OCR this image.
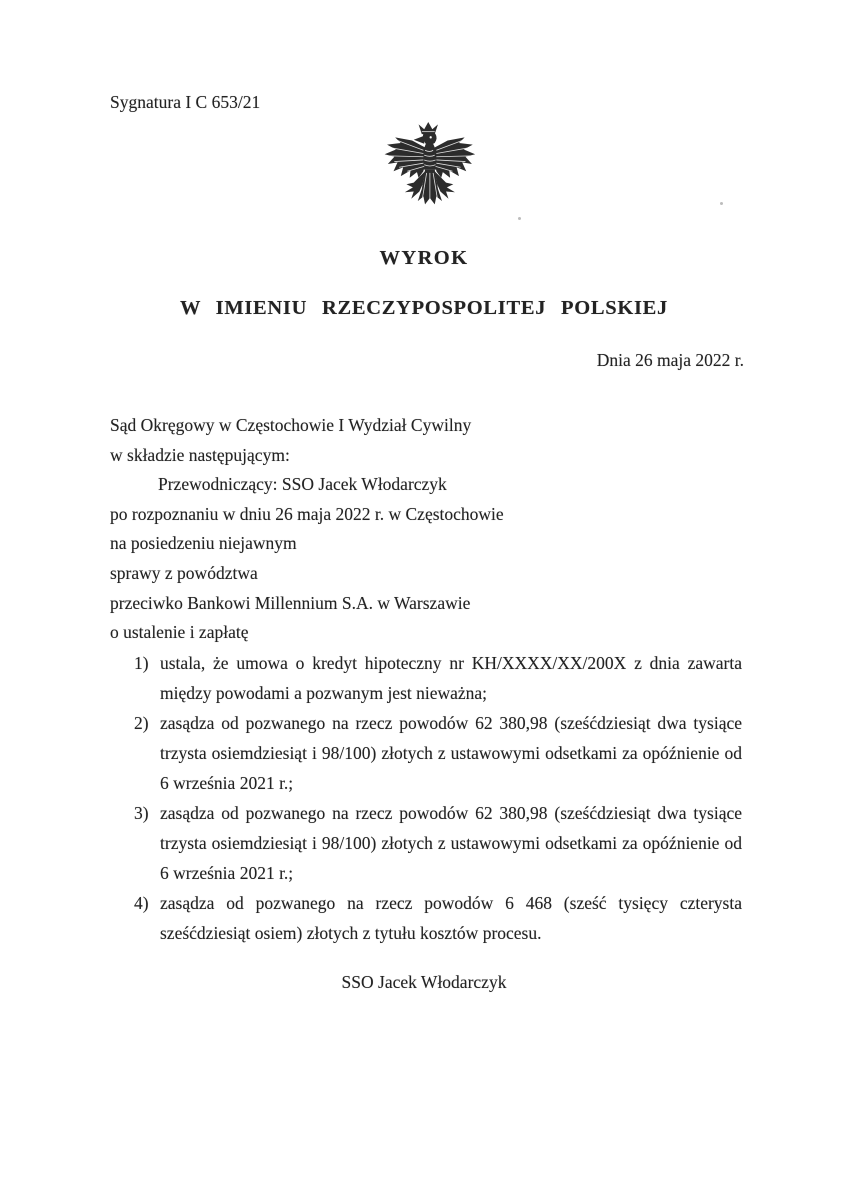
Sygnatura I C 653/21
WYROK
W IMIENIU RZECZYPOSPOLITEJ POLSKIEJ
Dnia 26 maja 2022 r.

Sąd Okręgowy w Częstochowie I Wydział Cywilny

w składzie następującym:

Przewodniczący: SSO Jacek Włodarczyk

po rozpoznaniu w dniu 26 maja 2022 r. w Częstochowie

na posiedzeniu niejawnym

sprawy z powództwa

przeciwko Bankowi Millennium S.A. w Warszawie

o ustalenie i zapłatę

1) ustala, że umowa o kredyt hipoteczny nr KH/XXXX/XX/200X z dnia zawarta między powodami a pozwanym jest nieważna;
2) zasądza od pozwanego na rzecz powodów 62 380,98 (sześćdziesiąt dwa tysiące trzysta osiemdziesiąt i 98/100) złotych z ustawowymi odsetkami za opóźnienie od 6 września 2021 r.;
3) zasądza od pozwanego na rzecz powodów 62 380,98 (sześćdziesiąt dwa tysiące trzysta osiemdziesiąt i 98/100) złotych z ustawowymi odsetkami za opóźnienie od 6 września 2021 r.;
4) zasądza od pozwanego na rzecz powodów 6 468 (sześć tysięcy czterysta sześćdziesiąt osiem) złotych z tytułu kosztów procesu.
SSO Jacek Włodarczyk
